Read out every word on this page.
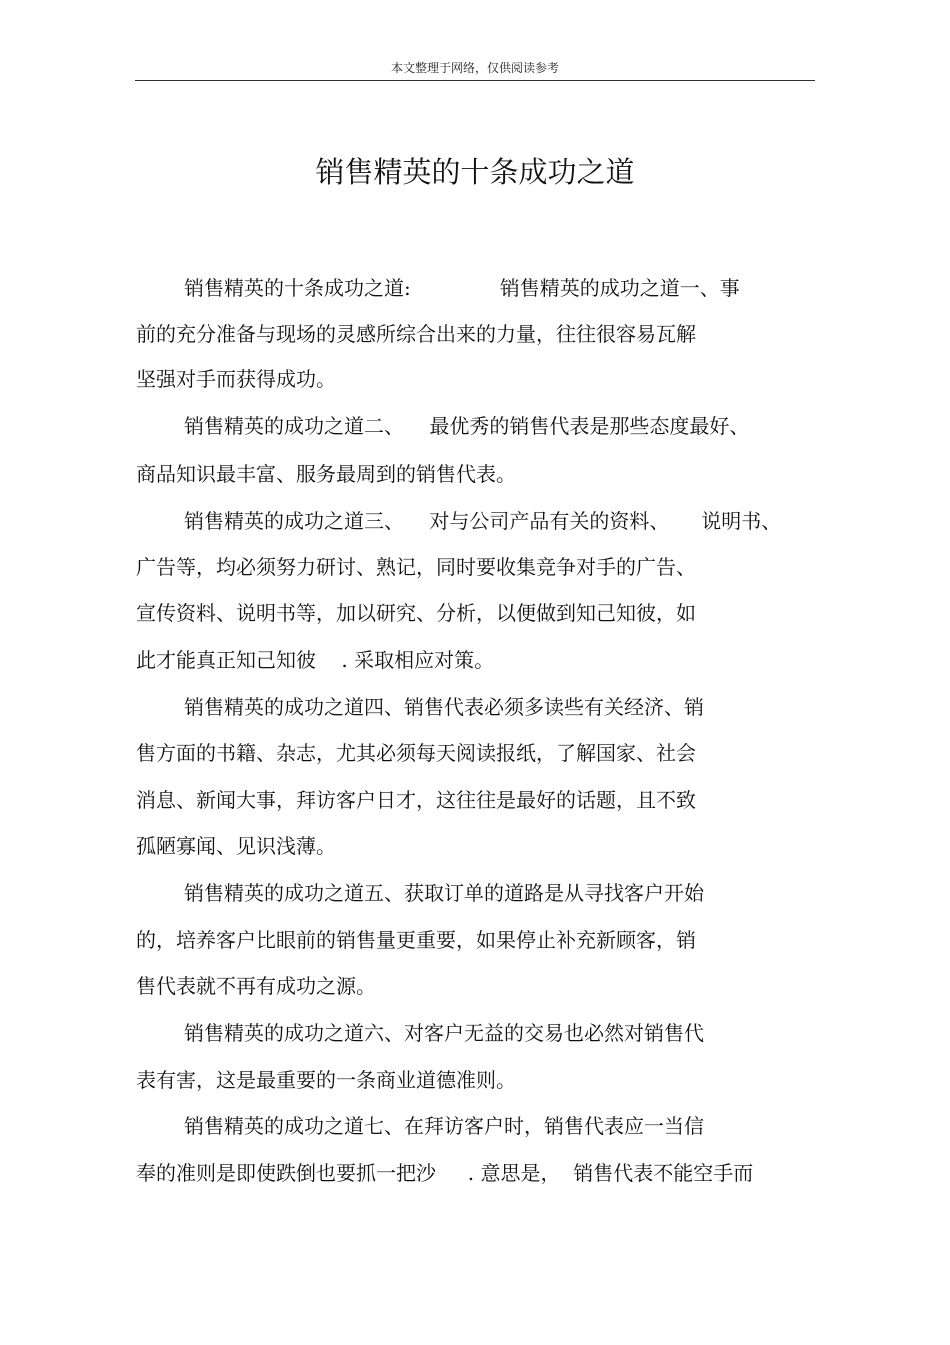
本文整理于网络，仅供阅读参考
销售精英的十条成功之道
销售精英的十条成功之道:              销售精英的成功之道一、事
前的充分准备与现场的灵感所综合出来的力量，往往很容易瓦解
坚强对手而获得成功。
销售精英的成功之道二、    最优秀的销售代表是那些态度最好、
商品知识最丰富、服务最周到的销售代表。
销售精英的成功之道三、    对与公司产品有关的资料、     说明书、
广告等，均必须努力研讨、熟记，同时要收集竞争对手的广告、
宣传资料、说明书等，加以研究、分析，以便做到知己知彼，如
此才能真正知己知彼    . 采取相应对策。
销售精英的成功之道四、销售代表必须多读些有关经济、销
售方面的书籍、杂志，尤其必须每天阅读报纸，了解国家、社会
消息、新闻大事，拜访客户日才，这往往是最好的话题，且不致
孤陋寡闻、见识浅薄。
销售精英的成功之道五、获取订单的道路是从寻找客户开始
的，培养客户比眼前的销售量更重要，如果停止补充新顾客，销
售代表就不再有成功之源。
销售精英的成功之道六、对客户无益的交易也必然对销售代
表有害，这是最重要的一条商业道德准则。
销售精英的成功之道七、在拜访客户时，销售代表应一当信
奉的准则是即使跌倒也要抓一把沙     . 意思是，  销售代表不能空手而
